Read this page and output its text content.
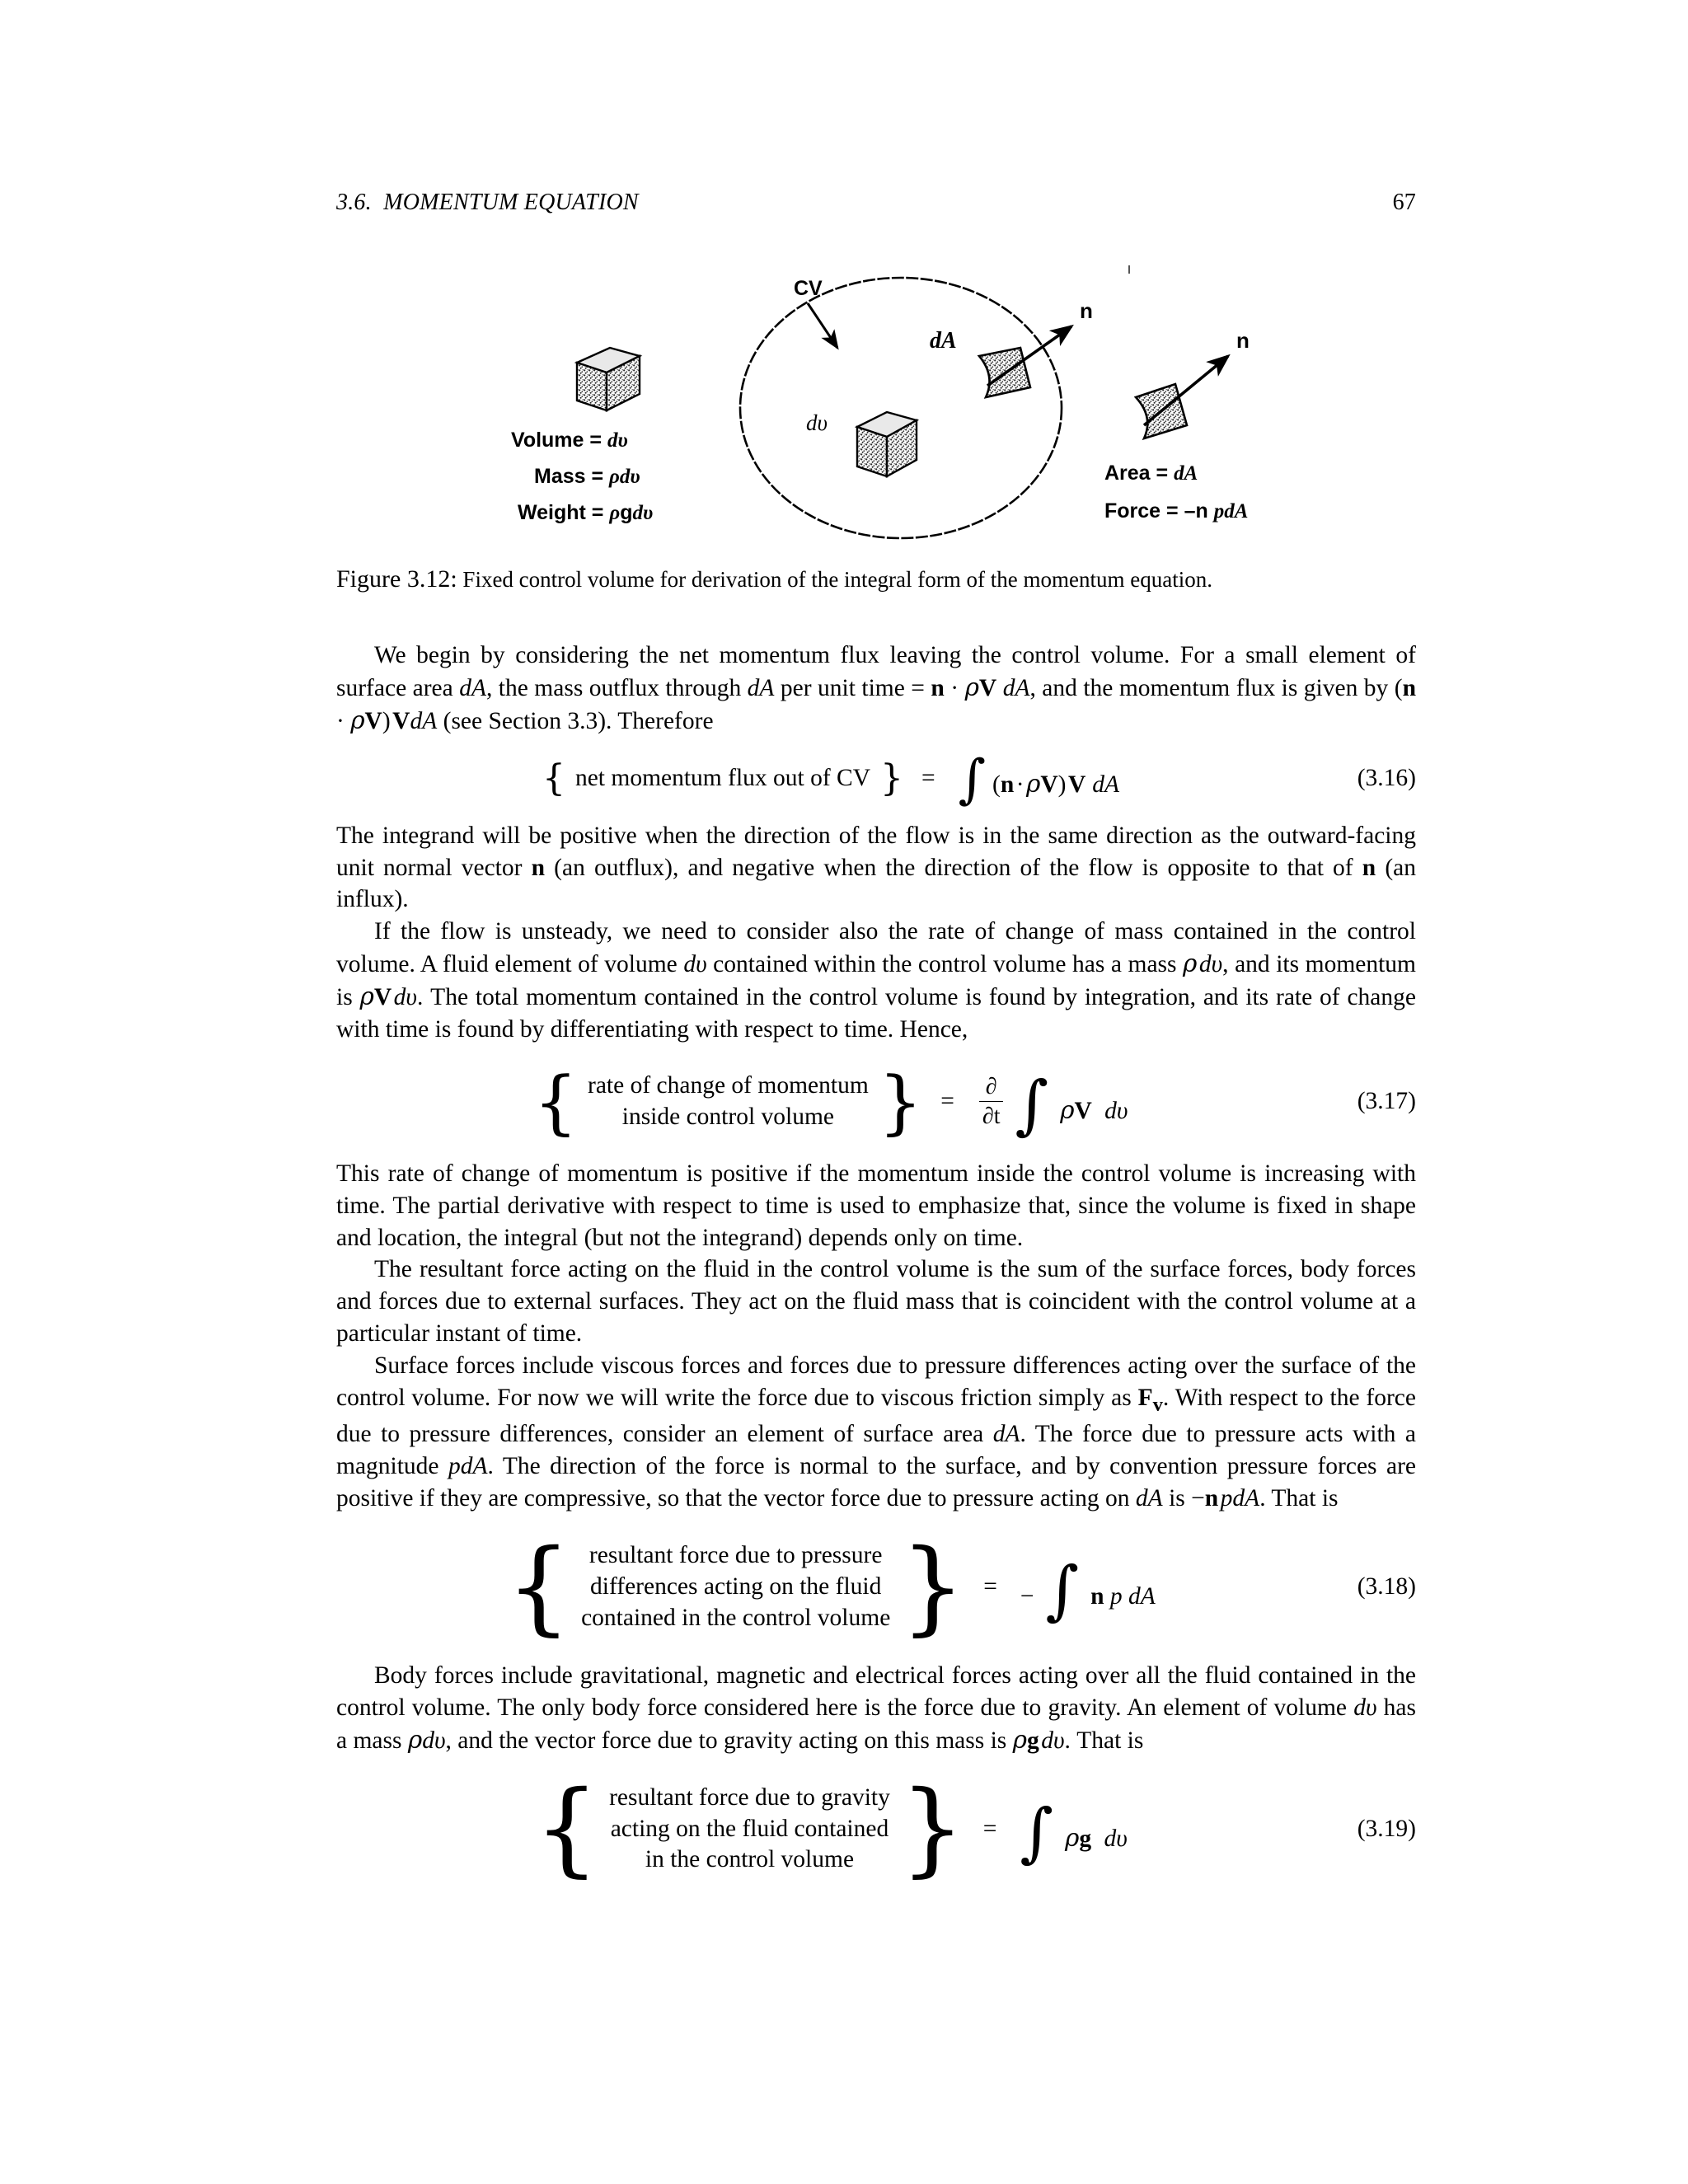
3.6.  MOMENTUM EQUATION	67
CV
Volume = dυ
Mass = ρdυ
Weight = ρgdυ
dυ
dA
n
n
Area = dA
Force = –n pdA
Figure 3.12: Fixed control volume for derivation of the integral form of the momentum equation.

We begin by considering the net momentum flux leaving the control volume. For a small element of surface area dA, the mass outflux through dA per unit time = n · ρV dA, and the momentum flux is given by (n · ρV) VdA (see Section 3.3). Therefore

{ net momentum flux out of CV } = ∫ (n · ρV) V dA	(3.16)

The integrand will be positive when the direction of the flow is in the same direction as the outward-facing unit normal vector n (an outflux), and negative when the direction of the flow is opposite to that of n (an influx).

If the flow is unsteady, we need to consider also the rate of change of mass contained in the control volume. A fluid element of volume dυ contained within the control volume has a mass ρ dυ, and its momentum is ρV dυ. The total momentum contained in the control volume is found by integration, and its rate of change with time is found by differentiating with respect to time. Hence,

{ rate of change of momentum
inside control volume } =	$\frac{\partial}{\partial t}$ ∫ ρV dυ	(3.17)

This rate of change of momentum is positive if the momentum inside the control volume is increasing with time. The partial derivative with respect to time is used to emphasize that, since the volume is fixed in shape and location, the integral (but not the integrand) depends only on time.

The resultant force acting on the fluid in the control volume is the sum of the surface forces, body forces and forces due to external surfaces. They act on the fluid mass that is coincident with the control volume at a particular instant of time.

Surface forces include viscous forces and forces due to pressure differences acting over the surface of the control volume. For now we will write the force due to viscous friction simply as $F_v$. With respect to the force due to pressure differences, consider an element of surface area dA. The force due to pressure acts with a magnitude pdA. The direction of the force is normal to the surface, and by convention pressure forces are positive if they are compressive, so that the vector force due to pressure acting on dA is −n pdA. That is

{ resultant force due to pressure
differences acting on the fluid
contained in the control volume } = − ∫ n p dA	(3.18)

Body forces include gravitational, magnetic and electrical forces acting over all the fluid contained in the control volume. The only body force considered here is the force due to gravity. An element of volume dυ has a mass ρdυ, and the vector force due to gravity acting on this mass is ρg dυ. That is

{ resultant force due to gravity
acting on the fluid contained
in the control volume } = ∫ ρg dυ	(3.19)
